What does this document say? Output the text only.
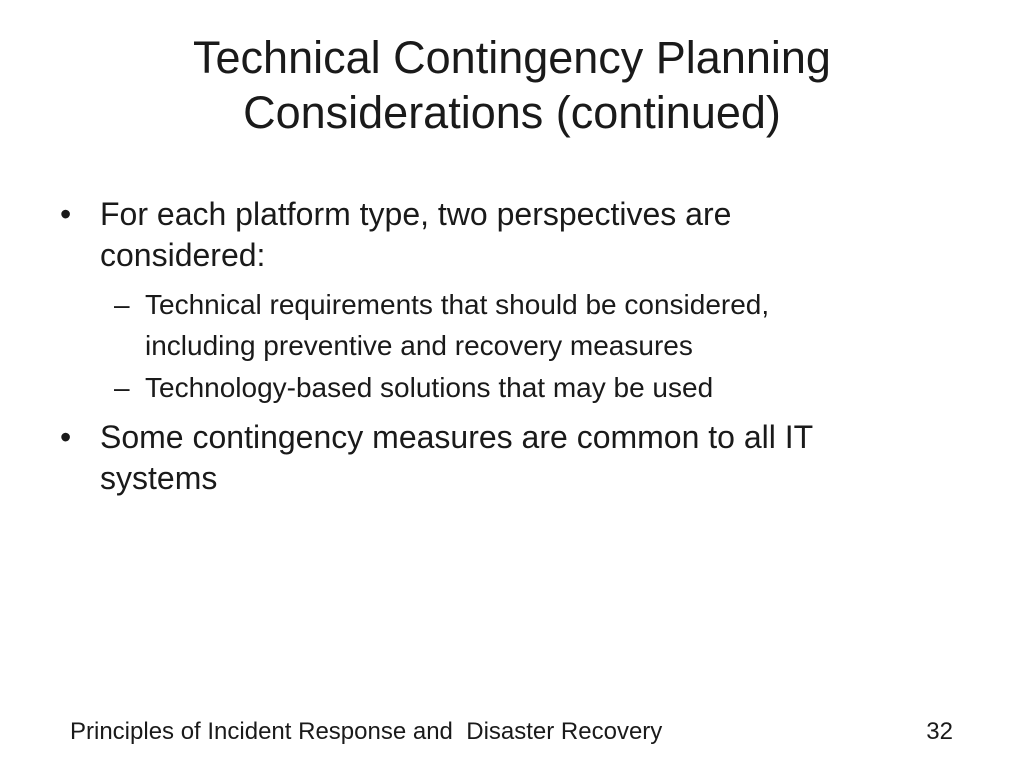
Technical Contingency Planning
Considerations (continued)
• For each platform type, two perspectives are
considered:
– Technical requirements that should be considered,
including preventive and recovery measures
– Technology-based solutions that may be used
• Some contingency measures are common to all IT
systems
Principles of Incident Response and  Disaster Recovery	32
